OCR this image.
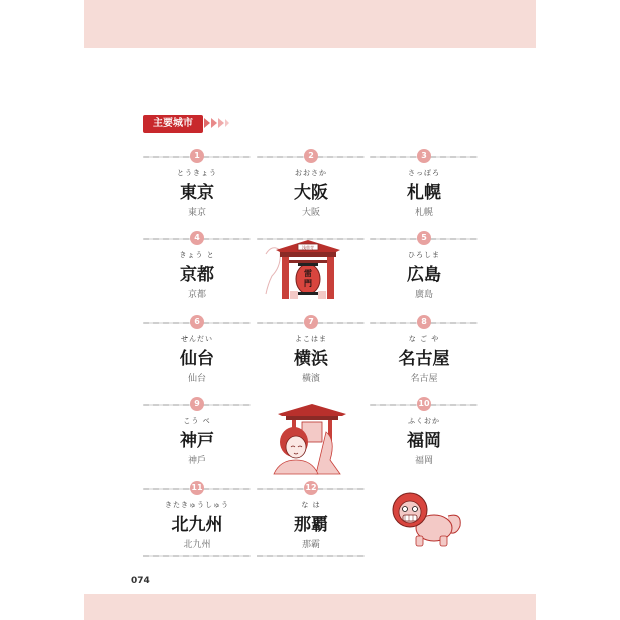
主要城市
1
とうきょう
東京
東京
2
おおさか
大阪
大阪
3
さっぽろ
札幌
札幌
4
きょう と
京都
京都
浅草寺
雷
門
5
ひろしま
広島
廣島
6
せんだい
仙台
仙台
7
よこはま
横浜
橫濱
8
な ご や
名古屋
名古屋
9
こう べ
神戸
神戶
10
ふくおか
福岡
福岡
11
きたきゅうしゅう
北九州
北九州
12
な は
那覇
那霸
074
